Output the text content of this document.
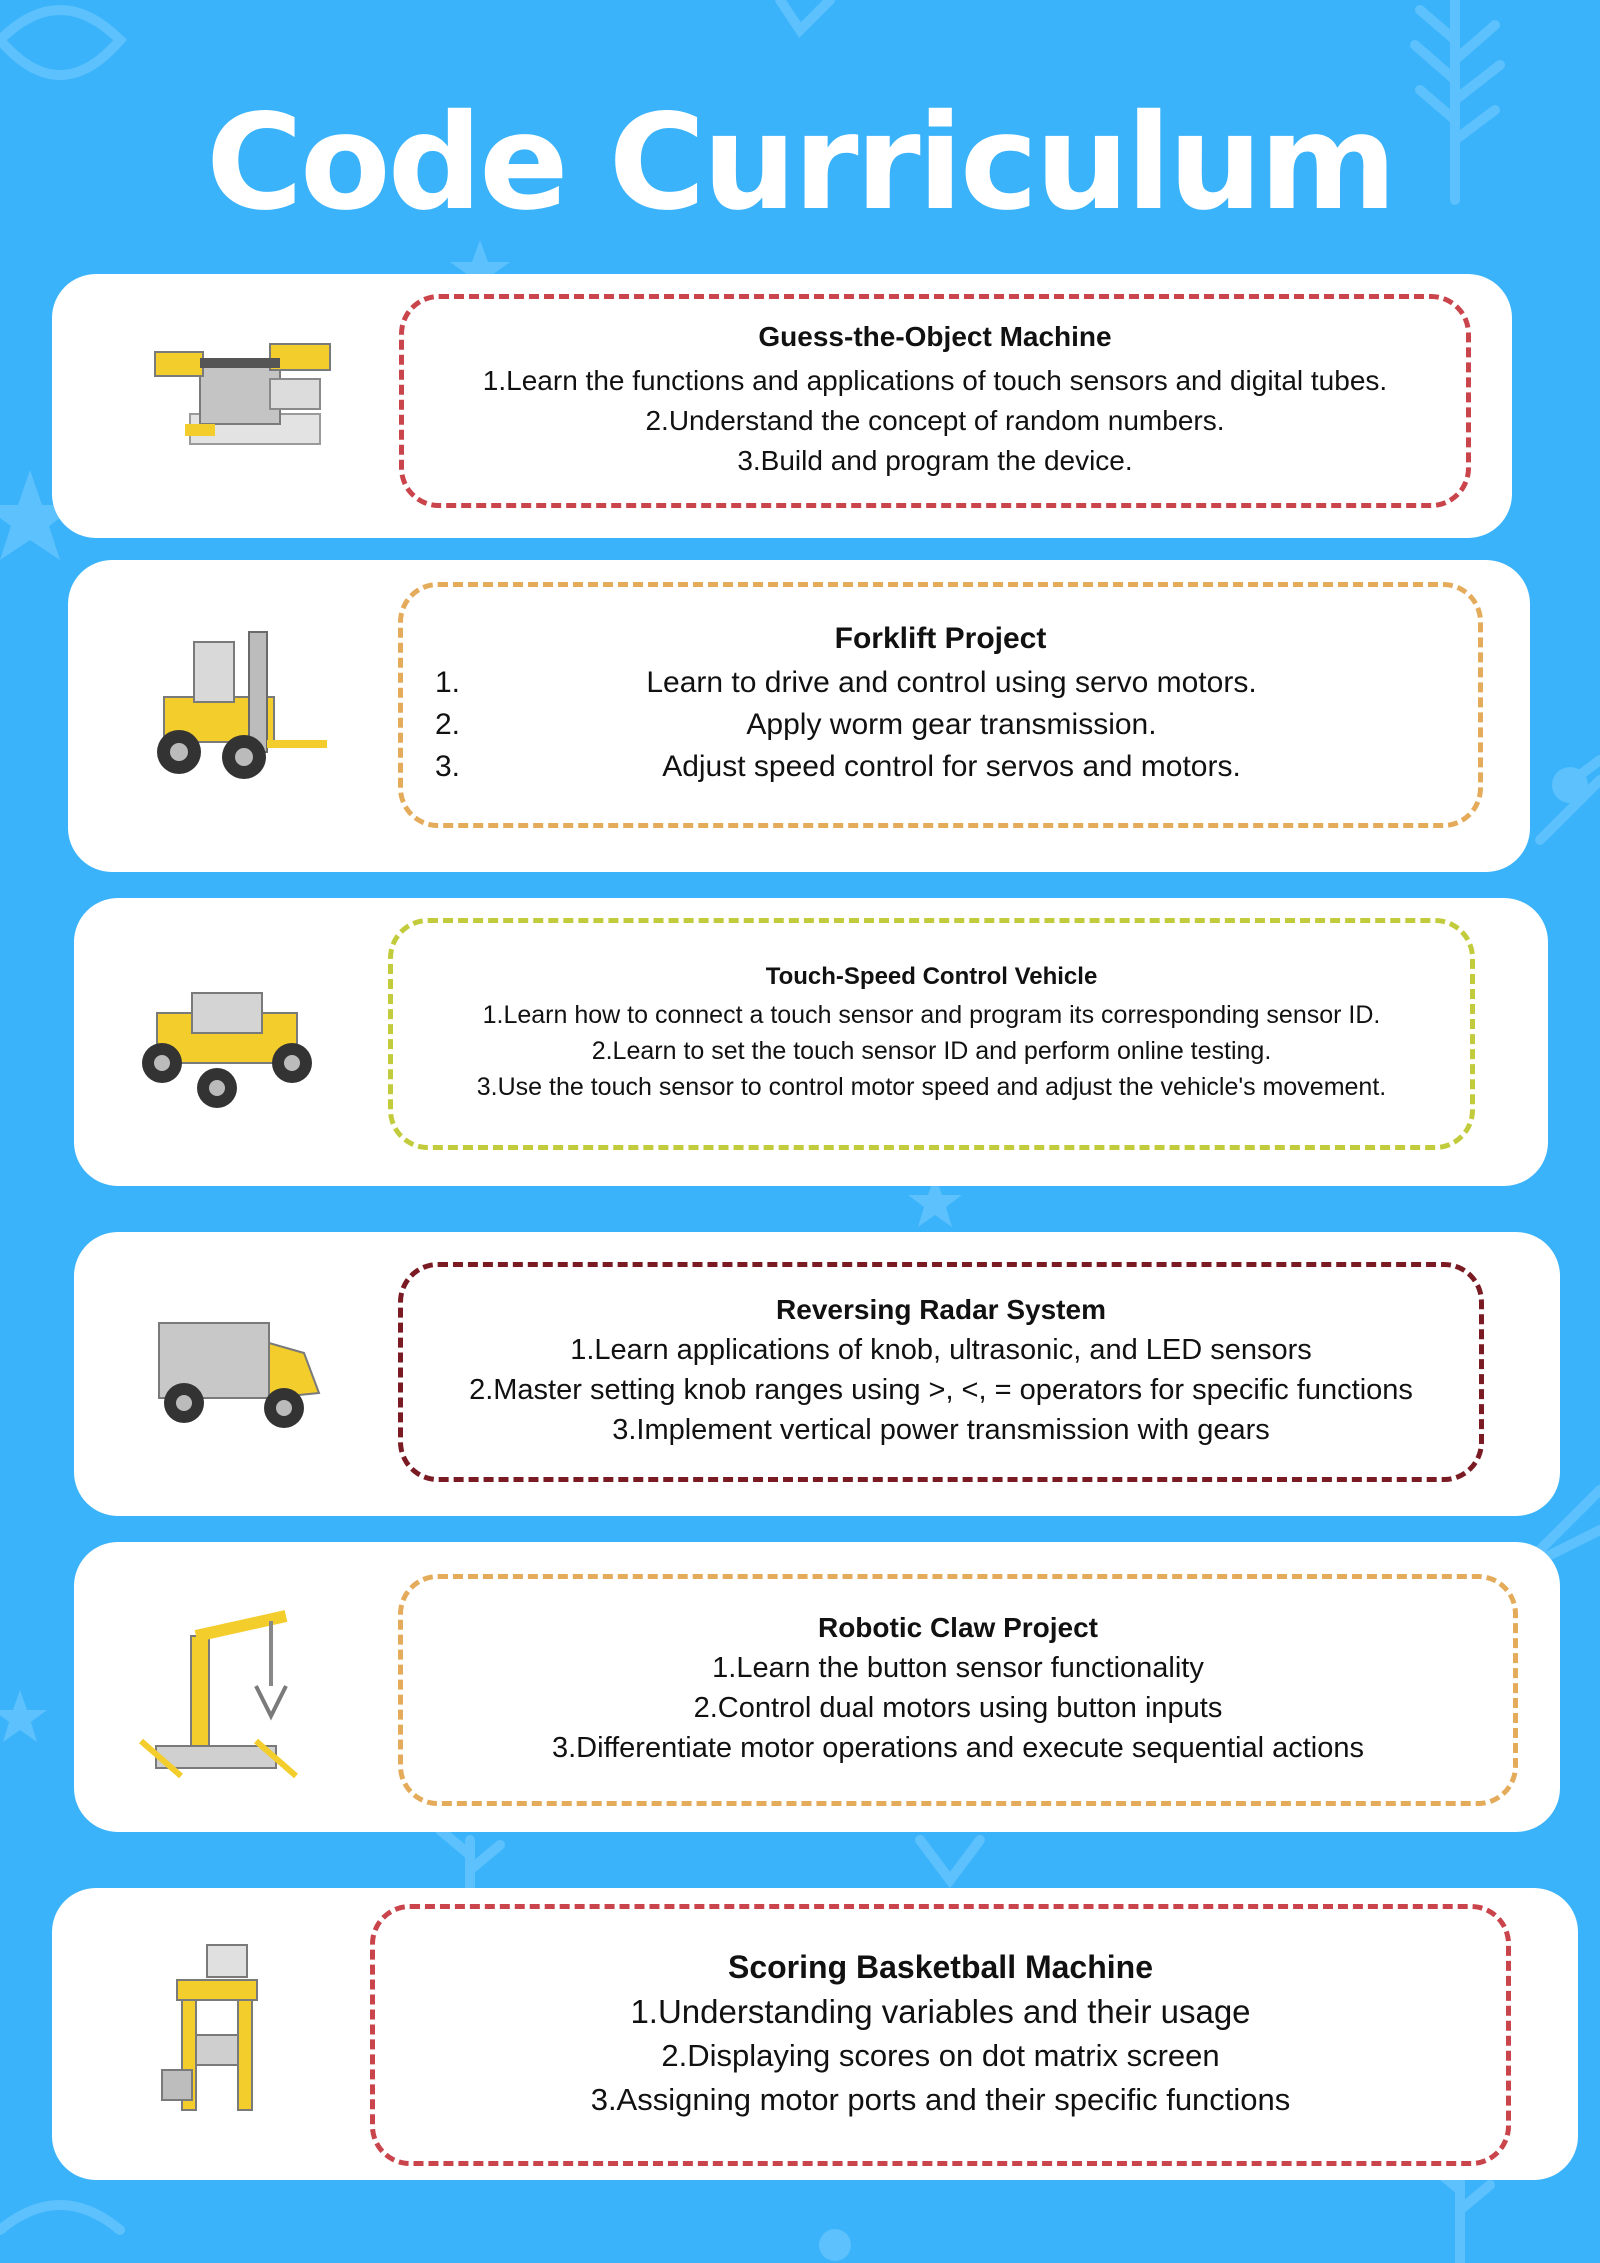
Code Curriculum
Guess-the-Object Machine

1.Learn the functions and applications of touch sensors and digital tubes.

2.Understand the concept of random numbers.

3.Build and program the device.

Forklift Project
1.	Learn to drive and control using servo motors.
2.	Apply worm gear transmission.
3.	Adjust speed control for servos and motors.
Touch-Speed Control Vehicle

1.Learn how to connect a touch sensor and program its corresponding sensor ID.

2.Learn to set the touch sensor ID and perform online testing.

3.Use the touch sensor to control motor speed and adjust the vehicle's movement.

Reversing Radar System

1.Learn applications of knob, ultrasonic, and LED sensors

2.Master setting knob ranges using >, <, = operators for specific functions

3.Implement vertical power transmission with gears

Robotic Claw Project

1.Learn the button sensor functionality

2.Control dual motors using button inputs

3.Differentiate motor operations and execute sequential actions

Scoring Basketball Machine

1.Understanding variables and their usage

2.Displaying scores on dot matrix screen

3.Assigning motor ports and their specific functions
